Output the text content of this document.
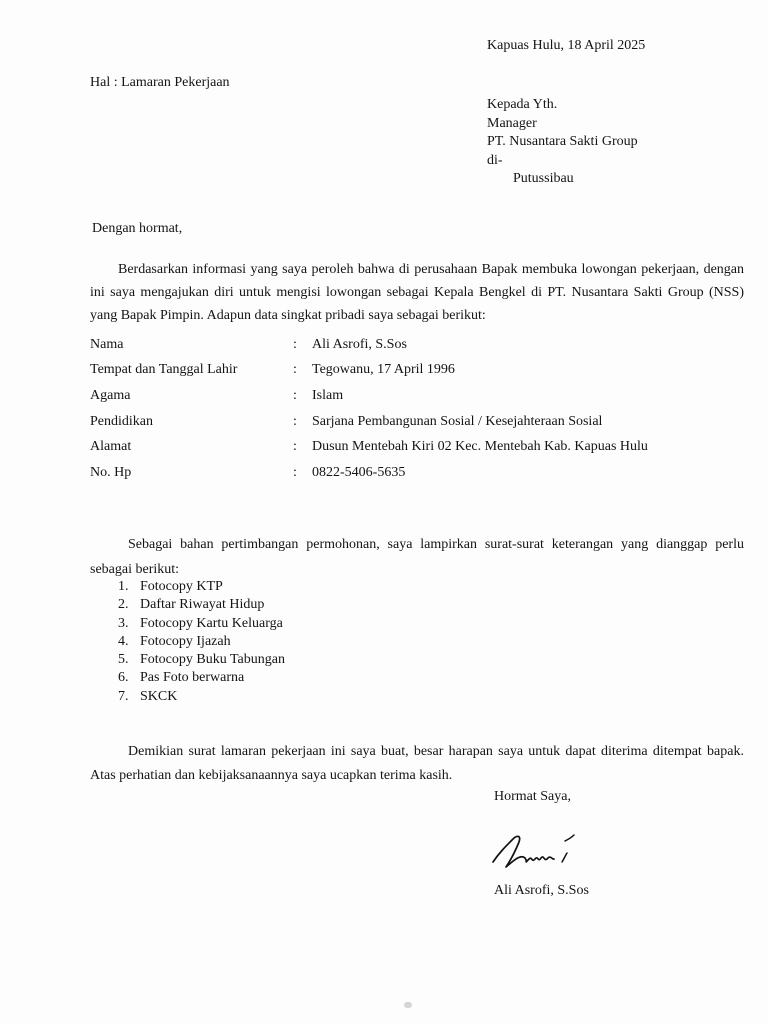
Kapuas Hulu, 18 April 2025
Hal : Lamaran Pekerjaan
Kepada Yth.
Manager
PT. Nusantara Sakti Group
di-
Putussibau
Dengan hormat,

Berdasarkan informasi yang saya peroleh bahwa di perusahaan Bapak membuka lowongan pekerjaan, dengan ini saya mengajukan diri untuk mengisi lowongan sebagai Kepala Bengkel di PT. Nusantara Sakti Group (NSS) yang Bapak Pimpin. Adapun data singkat pribadi saya sebagai berikut:

Nama	:	Ali Asrofi, S.Sos
Tempat dan Tanggal Lahir	:	Tegowanu, 17 April 1996
Agama	:	Islam
Pendidikan	:	Sarjana Pembangunan Sosial / Kesejahteraan Sosial
Alamat	:	Dusun Mentebah Kiri 02 Kec. Mentebah Kab. Kapuas Hulu
No. Hp	:	0822-5406-5635

Sebagai bahan pertimbangan permohonan, saya lampirkan surat-surat keterangan yang dianggap perlu sebagai berikut:

1. Fotocopy KTP
2. Daftar Riwayat Hidup
3. Fotocopy Kartu Keluarga
4. Fotocopy Ijazah
5. Fotocopy Buku Tabungan
6. Pas Foto berwarna
7. SKCK

Demikian surat lamaran pekerjaan ini saya buat, besar harapan saya untuk dapat diterima ditempat bapak. Atas perhatian dan kebijaksanaannya saya ucapkan terima kasih.

Hormat Saya,
Ali Asrofi, S.Sos
